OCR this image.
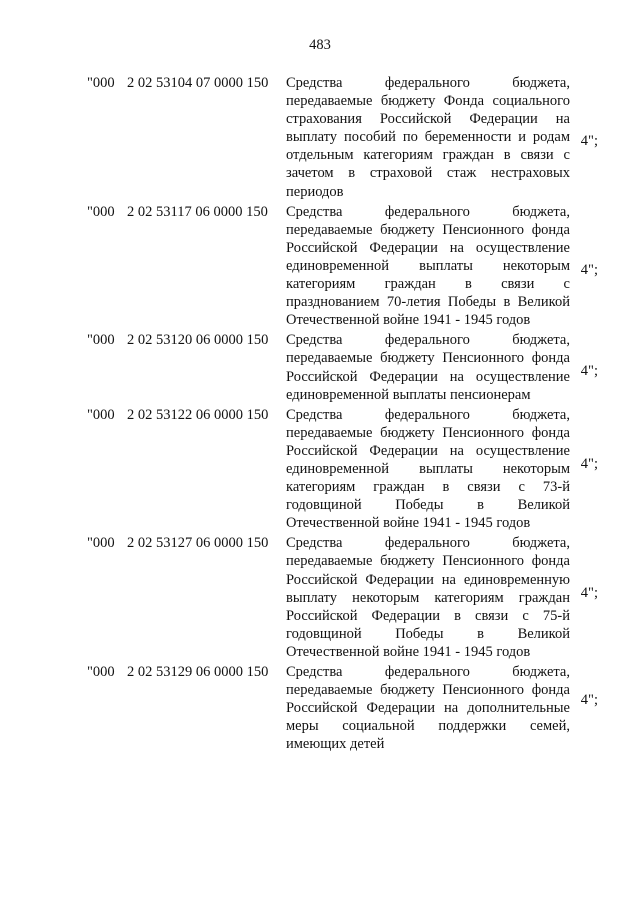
483
"000 2 02 53104 07 0000 150	Средства федерального бюджета,
передаваемые бюджету Фонда социального
страхования Российской Федерации на
выплату пособий по беременности и родам
отдельным категориям граждан в связи с
зачетом в страховой стаж нестраховых
периодов
4";
"000 2 02 53117 06 0000 150	Средства федерального бюджета,
передаваемые бюджету Пенсионного фонда
Российской Федерации на осуществление
единовременной выплаты некоторым
категориям граждан в связи с
празднованием 70-летия Победы в Великой
Отечественной войне 1941 - 1945 годов
4";
"000 2 02 53120 06 0000 150	Средства федерального бюджета,
передаваемые бюджету Пенсионного фонда
Российской Федерации на осуществление
единовременной выплаты пенсионерам
4";
"000 2 02 53122 06 0000 150	Средства федерального бюджета,
передаваемые бюджету Пенсионного фонда
Российской Федерации на осуществление
единовременной выплаты некоторым
категориям граждан в связи с 73-й
годовщиной Победы в Великой
Отечественной войне 1941 - 1945 годов
4";
"000 2 02 53127 06 0000 150	Средства федерального бюджета,
передаваемые бюджету Пенсионного фонда
Российской Федерации на единовременную
выплату некоторым категориям граждан
Российской Федерации в связи с 75-й
годовщиной Победы в Великой
Отечественной войне 1941 - 1945 годов
4";
"000 2 02 53129 06 0000 150	Средства федерального бюджета,
передаваемые бюджету Пенсионного фонда
Российской Федерации на дополнительные
меры социальной поддержки семей,
имеющих детей
4";
